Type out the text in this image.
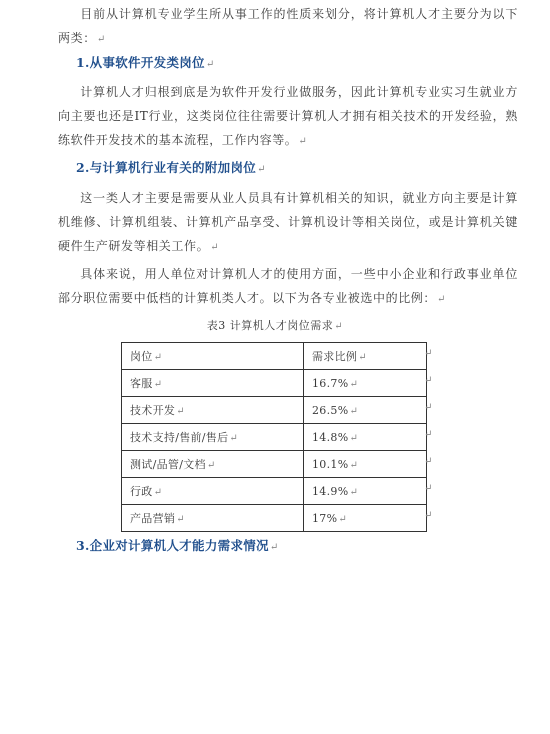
目前从计算机专业学生所从事工作的性质来划分，将计算机人才主要分为以下两类：↵

1.从事软件开发类岗位↵

计算机人才归根到底是为软件开发行业做服务，因此计算机专业实习生就业方向主要也还是IT行业，这类岗位往往需要计算机人才拥有相关技术的开发经验，熟练软件开发技术的基本流程，工作内容等。↵

2.与计算机行业有关的附加岗位↵

这一类人才主要是需要从业人员具有计算机相关的知识，就业方向主要是计算机维修、计算机组装、计算机产品享受、计算机设计等相关岗位，或是计算机关键硬件生产研发等相关工作。↵

具体来说，用人单位对计算机人才的使用方面，一些中小企业和行政事业单位部分职位需要中低档的计算机类人才。以下为各专业被选中的比例：↵

表3 计算机人才岗位需求↵
岗位↵	需求比例↵
客服↵	16.7%↵
技术开发↵	26.5%↵
技术支持/售前/售后↵	14.8%↵
测试/品管/文档↵	10.1%↵
行政↵	14.9%↵
产品营销↵	17%↵
↵
↵
↵
↵
↵
↵
↵
3.企业对计算机人才能力需求情况↵
